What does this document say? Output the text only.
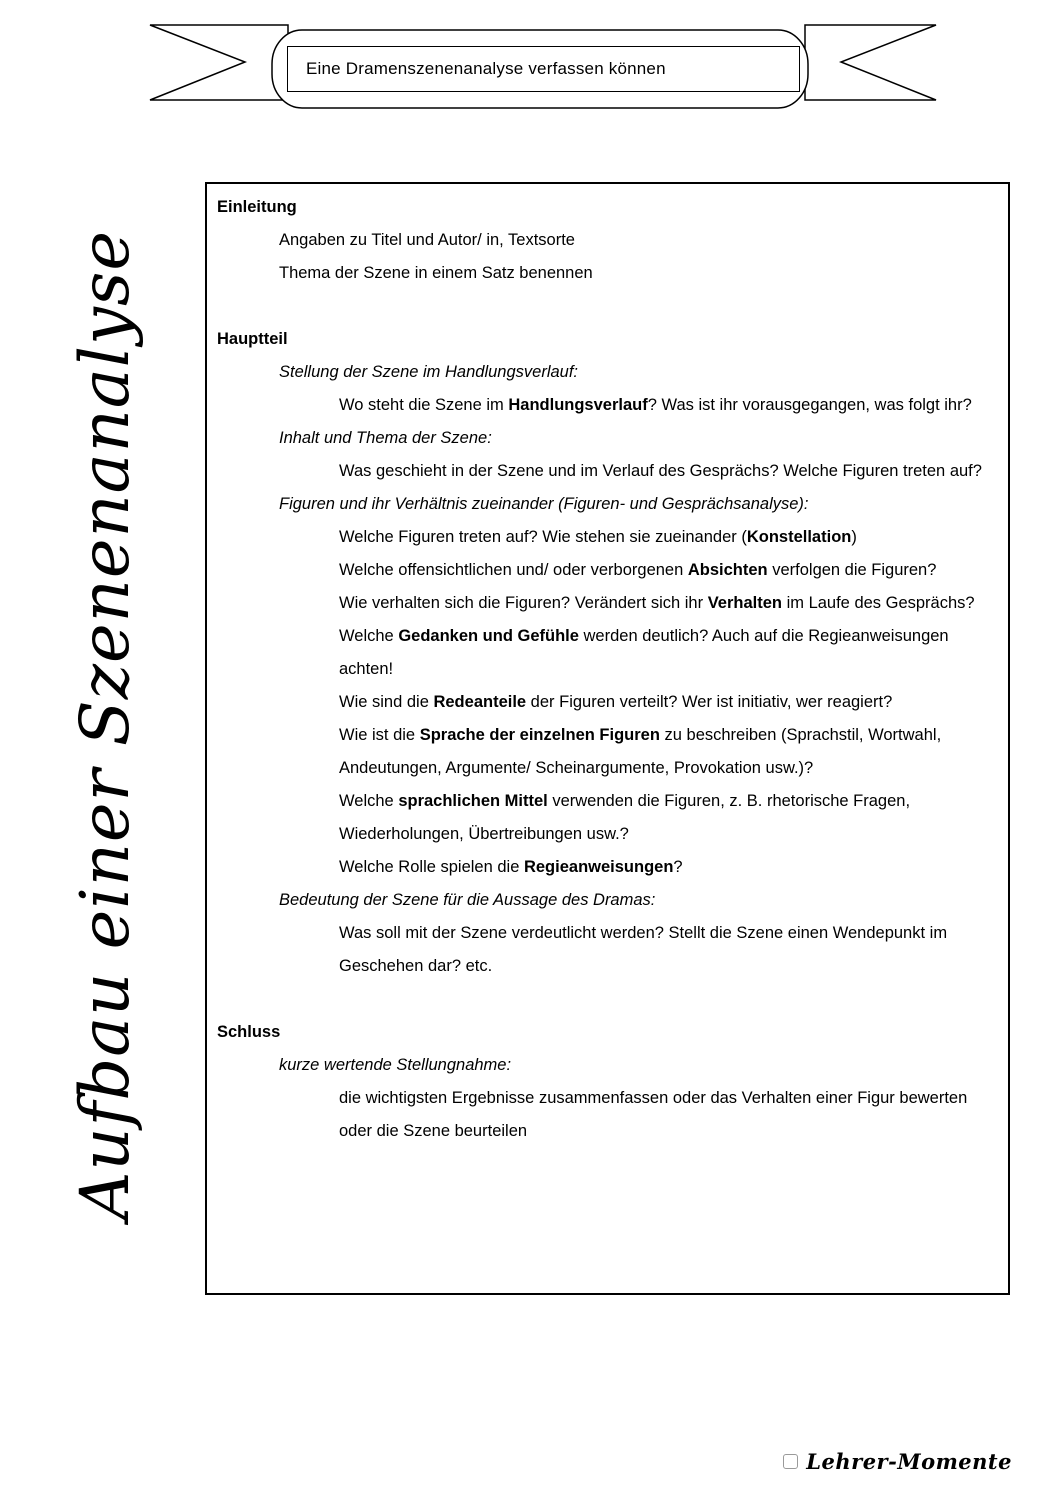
Eine Dramenszenenanalyse verfassen können
Aufbau einer Szenenanalyse

Einleitung

Angaben zu Titel und Autor/ in, Textsorte

Thema der Szene in einem Satz benennen

Hauptteil

Stellung der Szene im Handlungsverlauf:

Wo steht die Szene im Handlungsverlauf? Was ist ihr vorausgegangen, was folgt ihr?

Inhalt und Thema der Szene:

Was geschieht in der Szene und im Verlauf des Gesprächs? Welche Figuren treten auf?

Figuren und ihr Verhältnis zueinander (Figuren- und Gesprächsanalyse):

Welche Figuren treten auf? Wie stehen sie zueinander (Konstellation)

Welche offensichtlichen und/ oder verborgenen Absichten verfolgen die Figuren?

Wie verhalten sich die Figuren? Verändert sich ihr Verhalten im Laufe des Gesprächs?

Welche Gedanken und Gefühle werden deutlich? Auch auf die Regieanweisungen achten!

Wie sind die Redeanteile der Figuren verteilt? Wer ist initiativ, wer reagiert?

Wie ist die Sprache der einzelnen Figuren zu beschreiben (Sprachstil, Wortwahl, Andeutungen, Argumente/ Scheinargumente, Provokation usw.)?

Welche sprachlichen Mittel verwenden die Figuren, z. B. rhetorische Fragen, Wiederholungen, Übertreibungen usw.?

Welche Rolle spielen die Regieanweisungen?

Bedeutung der Szene für die Aussage des Dramas:

Was soll mit der Szene verdeutlicht werden? Stellt die Szene einen Wendepunkt im Geschehen dar? etc.

Schluss

kurze wertende Stellungnahme:

die wichtigsten Ergebnisse zusammenfassen oder das Verhalten einer Figur bewerten oder die Szene beurteilen

Lehrer-Momente
